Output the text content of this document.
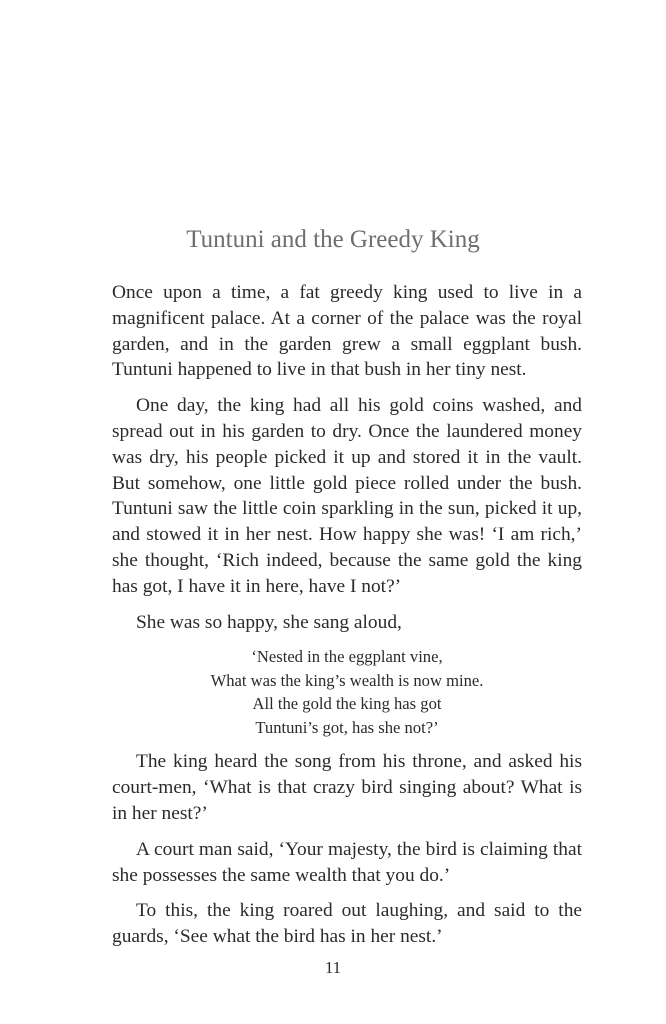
Tuntuni and the Greedy King

Once upon a time, a fat greedy king used to live in a magnificent palace. At a corner of the palace was the royal garden, and in the garden grew a small eggplant bush. Tuntuni happened to live in that bush in her tiny nest.

One day, the king had all his gold coins washed, and spread out in his garden to dry. Once the laundered money was dry, his people picked it up and stored it in the vault. But somehow, one little gold piece rolled under the bush. Tuntuni saw the little coin sparkling in the sun, picked it up, and stowed it in her nest. How happy she was! ‘I am rich,’ she thought, ‘Rich indeed, because the same gold the king has got, I have it in here, have I not?’

She was so happy, she sang aloud,

‘Nested in the eggplant vine,
What was the king’s wealth is now mine.
All the gold the king has got
Tuntuni’s got, has she not?’

The king heard the song from his throne, and asked his court-men, ‘What is that crazy bird singing about? What is in her nest?’

A court man said, ‘Your majesty, the bird is claiming that she possesses the same wealth that you do.’

To this, the king roared out laughing, and said to the guards, ‘See what the bird has in her nest.’

11
